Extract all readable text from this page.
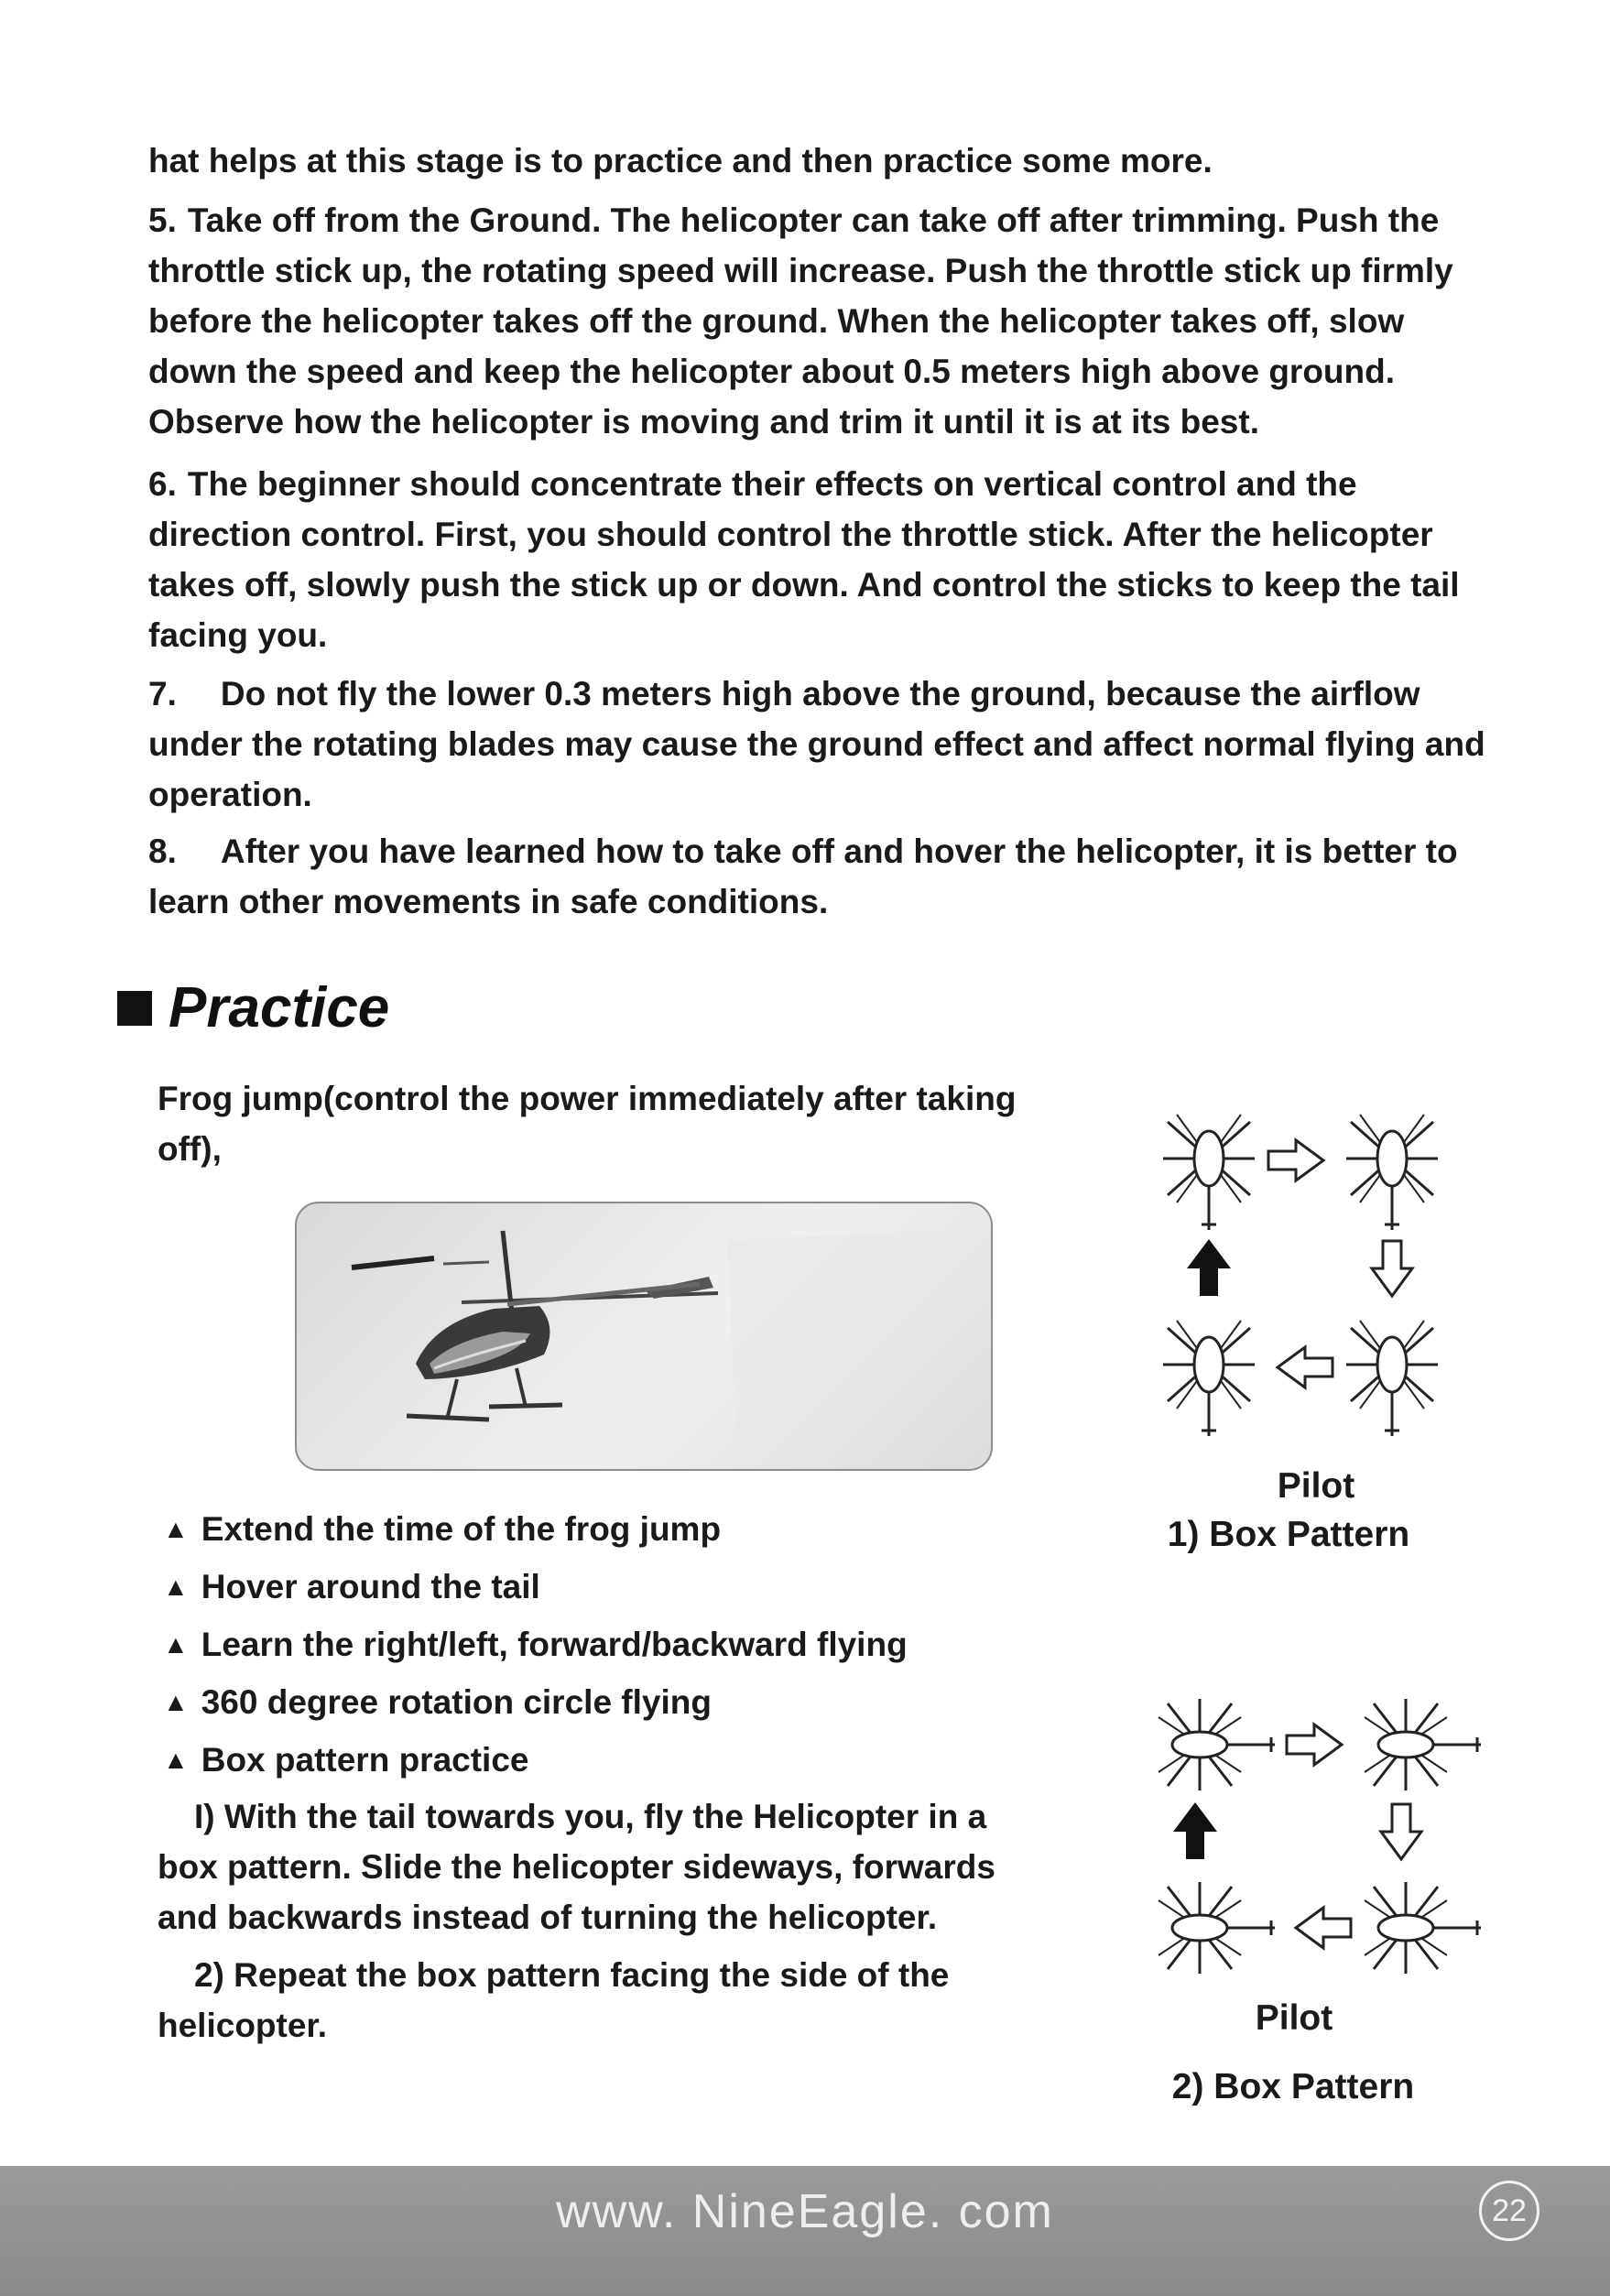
hat helps at this stage is to practice and then practice some more.

5. Take off from the Ground. The helicopter can take off after trimming. Push the throttle stick up, the rotating speed will increase. Push the throttle stick up firmly before the helicopter takes off the ground. When the helicopter takes off, slow down the speed and keep the helicopter about 0.5 meters high above ground. Observe how the helicopter is moving and trim it until it is at its best.

6. The beginner should concentrate their effects on vertical control and the direction control. First, you should control the throttle stick. After the helicopter takes off, slowly push the stick up or down. And control the sticks to keep the tail facing you.

7. Do not fly the lower 0.3 meters high above the ground, because the airflow under the rotating blades may cause the ground effect and affect normal flying and operation.

8. After you have learned how to take off and hover the helicopter, it is better to learn other movements in safe conditions.

Practice

Frog jump(control the power immediately after taking off),

▲ Extend the time of the frog jump
▲ Hover around the tail
▲ Learn the right/left, forward/backward flying
▲ 360 degree rotation circle flying
▲ Box pattern practice

I) With the tail towards you, fly the Helicopter in a box pattern. Slide the helicopter sideways, forwards and backwards instead of turning the helicopter.

2) Repeat the box pattern facing the side of the helicopter.

Pilot
1) Box Pattern
Pilot
2) Box Pattern
www. NineEagle. com	22
